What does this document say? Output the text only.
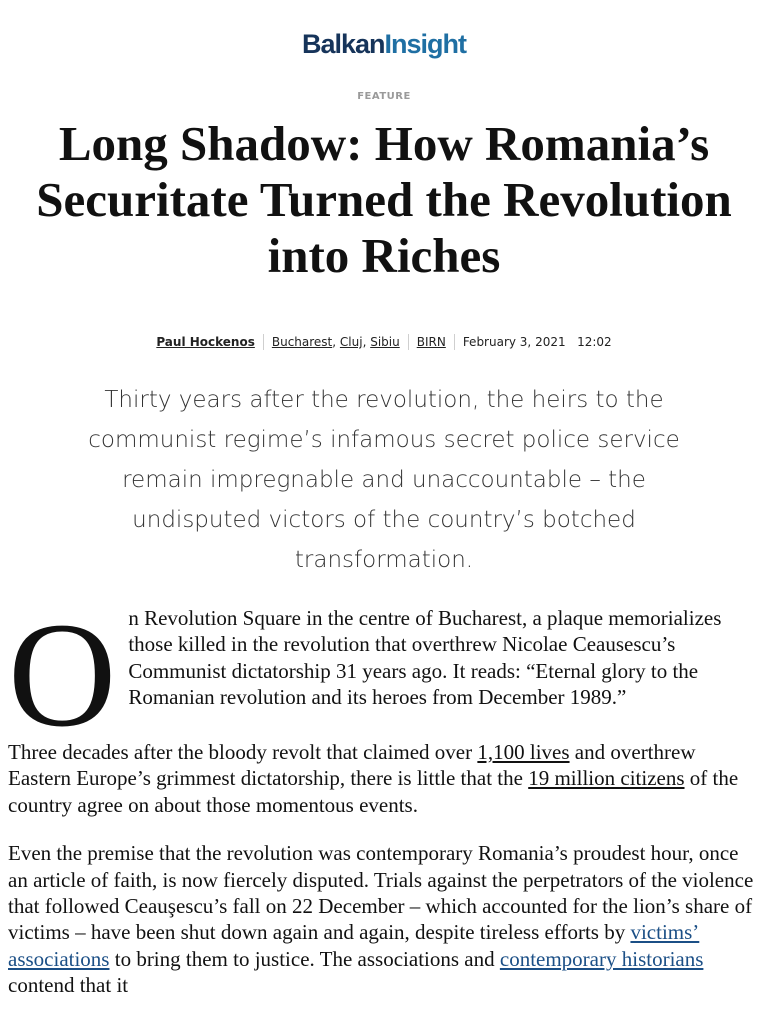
BalkanInsight
FEATURE
Long Shadow: How Romania’s Securitate Turned the Revolution into Riches
Paul Hockenos Bucharest, Cluj, Sibiu BIRN February 3, 2021 12:02

Thirty years after the revolution, the heirs to the communist regime’s infamous secret police service remain impregnable and unaccountable – the undisputed victors of the country’s botched transformation.

On Revolution Square in the centre of Bucharest, a plaque memorializes those killed in the revolution that overthrew Nicolae Ceausescu’s Communist dictatorship 31 years ago. It reads: “Eternal glory to the Romanian revolution and its heroes from December 1989.”

Three decades after the bloody revolt that claimed over 1,100 lives and overthrew Eastern Europe’s grimmest dictatorship, there is little that the 19 million citizens of the country agree on about those momentous events.

Even the premise that the revolution was contemporary Romania’s proudest hour, once an article of faith, is now fiercely disputed. Trials against the perpetrators of the violence that followed Ceauşescu’s fall on 22 December – which accounted for the lion’s share of victims – have been shut down again and again, despite tireless efforts by victims’ associations to bring them to justice. The associations and contemporary historians contend that it
